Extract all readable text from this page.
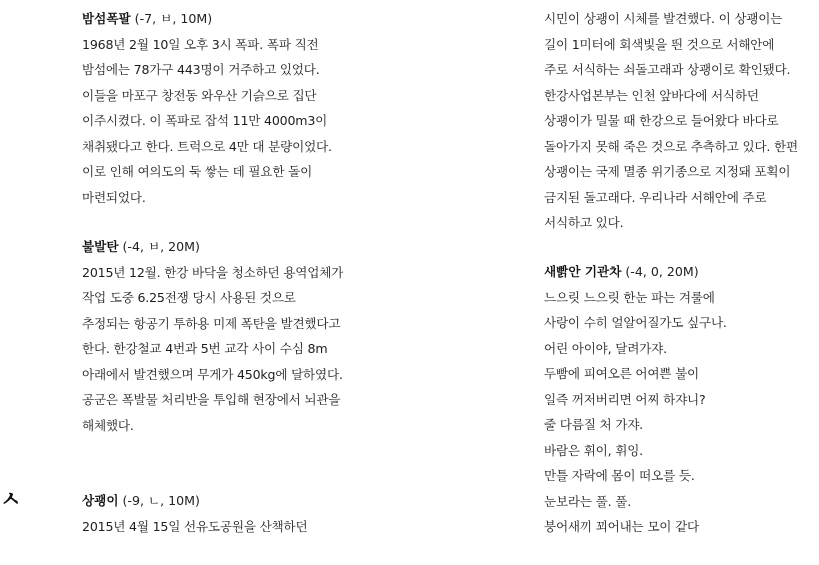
밤섬폭팔 (-7, ㅂ, 10M)
1968년 2월 10일 오후 3시 폭파. 폭파 직전
밤섬에는 78가구 443명이 거주하고 있었다.
이들을 마포구 창전동 와우산 기슭으로 집단
이주시켰다. 이 폭파로 잡석 11만 4000m3이
채취됐다고 한다. 트럭으로 4만 대 분량이었다.
이로 인해 여의도의 둑 쌓는 데 필요한 돌이
마련되었다.
불발탄 (-4, ㅂ, 20M)
2015년 12월. 한강 바닥을 청소하던 용역업체가
작업 도중 6.25전쟁 당시 사용된 것으로
추정되는 항공기 투하용 미제 폭탄을 발견했다고
한다. 한강철교 4번과 5번 교각 사이 수심 8m
아래에서 발견했으며 무게가 450kg에 달하였다.
공군은 폭발물 처리반을 투입해 현장에서 뇌관을
해체했다.
상괭이 (-9, ㄴ, 10M)
2015년 4월 15일 선유도공원을 산책하던
시민이 상괭이 시체를 발견했다. 이 상괭이는
길이 1미터에 회색빛을 띈 것으로 서해안에
주로 서식하는 쇠돌고래과 상괭이로 확인됐다.
한강사업본부는 인천 앞바다에 서식하던
상괭이가 밀물 때 한강으로 들어왔다 바다로
돌아가지 못해 죽은 것으로 추측하고 있다. 한편
상괭이는 국제 멸종 위기종으로 지정돼 포획이
금지된 돌고래다. 우리나라 서해안에 주로
서식하고 있다.
새빩안 기관차 (-4, 0, 20M)
느으릿 느으릿 한눈 파는 겨룰에
사랑이 수히 얼알어질가도 싶구나.
어린 아이야, 달려가쟈.
두빰에 피여오른 어여쁜 불이
일즉 꺼저버리면 어찌 하쟈니?
줄 다름질 처 가쟈.
바람은 휘이, 휘잉.
만틀 자락에 몸이 떠오를 듯.
눈보라는 풀. 풀.
붕어새끼 꾀어내는 모이 같다
ㅅ
